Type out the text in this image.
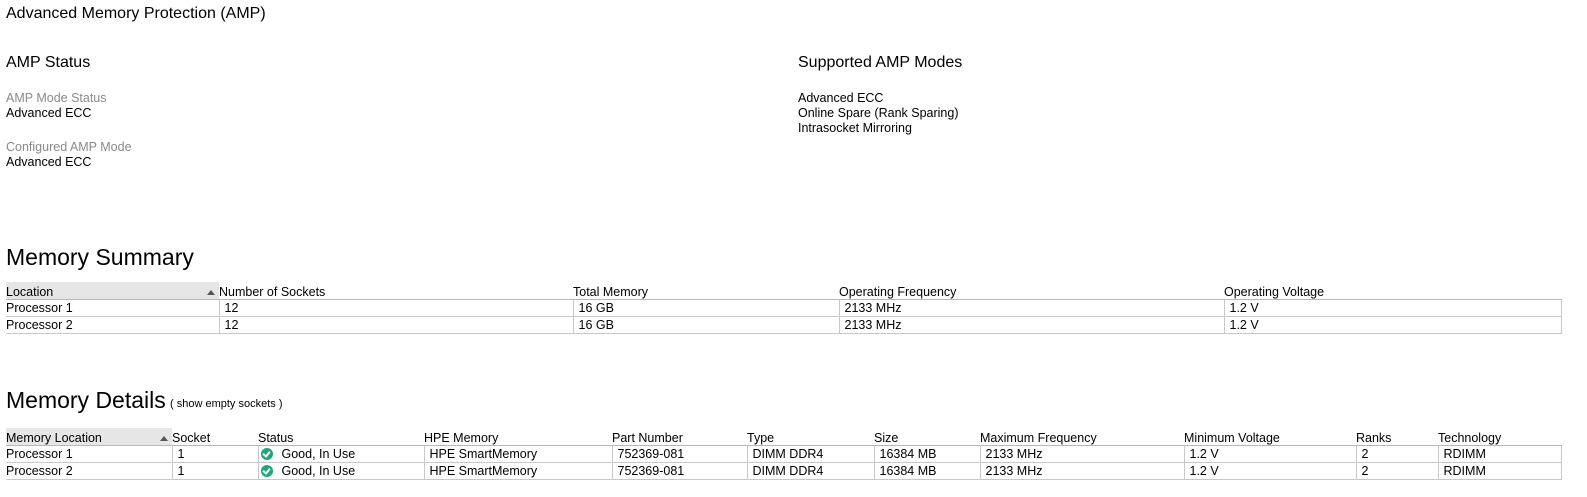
Advanced Memory Protection (AMP)
AMP Status
AMP Mode Status
Advanced ECC
Configured AMP Mode
Advanced ECC
Supported AMP Modes
Advanced ECC
Online Spare (Rank Sparing)
Intrasocket Mirroring
Memory Summary
Location	Number of Sockets	Total Memory	Operating Frequency	Operating Voltage
Processor 1	12	16 GB	2133 MHz	1.2 V
Processor 2	12	16 GB	2133 MHz	1.2 V
Memory Details ( show empty sockets )
Memory Location	Socket	Status	HPE Memory	Part Number	Type	Size	Maximum Frequency	Minimum Voltage	Ranks	Technology
Processor 1	1	Good, In Use	HPE SmartMemory	752369-081	DIMM DDR4	16384 MB	2133 MHz	1.2 V	2	RDIMM
Processor 2	1	Good, In Use	HPE SmartMemory	752369-081	DIMM DDR4	16384 MB	2133 MHz	1.2 V	2	RDIMM
